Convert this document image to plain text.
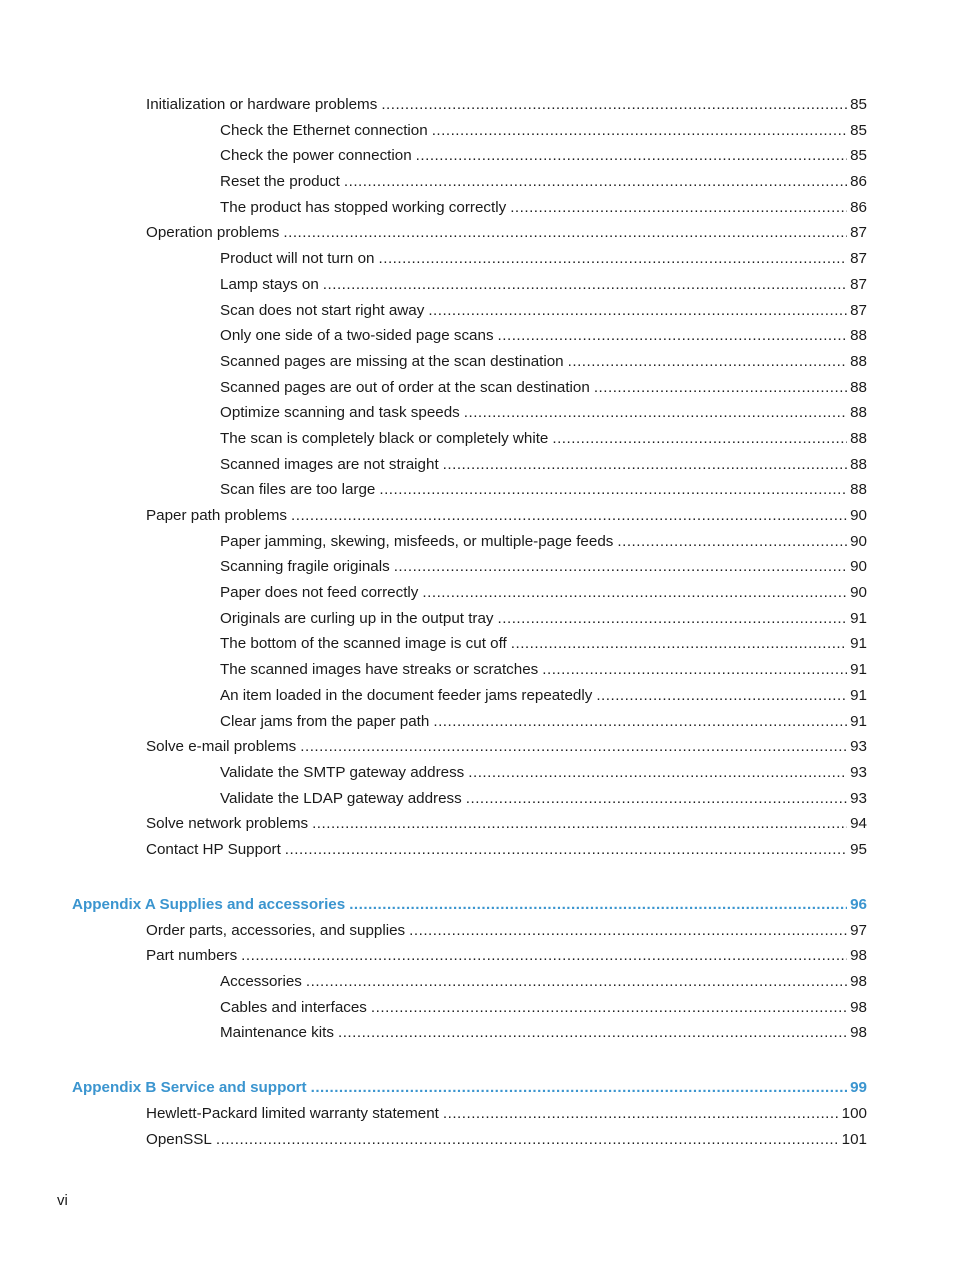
Initialization or hardware problems .....	85
Check the Ethernet connection .....	85
Check the power connection .....	85
Reset the product .....	86
The product has stopped working correctly .....	86
Operation problems .....	87
Product will not turn on .....	87
Lamp stays on .....	87
Scan does not start right away .....	87
Only one side of a two-sided page scans .....	88
Scanned pages are missing at the scan destination .....	88
Scanned pages are out of order at the scan destination .....	88
Optimize scanning and task speeds .....	88
The scan is completely black or completely white .....	88
Scanned images are not straight .....	88
Scan files are too large .....	88
Paper path problems .....	90
Paper jamming, skewing, misfeeds, or multiple-page feeds .....	90
Scanning fragile originals .....	90
Paper does not feed correctly .....	90
Originals are curling up in the output tray .....	91
The bottom of the scanned image is cut off .....	91
The scanned images have streaks or scratches .....	91
An item loaded in the document feeder jams repeatedly .....	91
Clear jams from the paper path .....	91
Solve e-mail problems .....	93
Validate the SMTP gateway address .....	93
Validate the LDAP gateway address .....	93
Solve network problems .....	94
Contact HP Support .....	95
Appendix A Supplies and accessories .....	96
Order parts, accessories, and supplies .....	97
Part numbers .....	98
Accessories .....	98
Cables and interfaces .....	98
Maintenance kits .....	98
Appendix B Service and support .....	99
Hewlett-Packard limited warranty statement .....	100
OpenSSL .....	101
vi
